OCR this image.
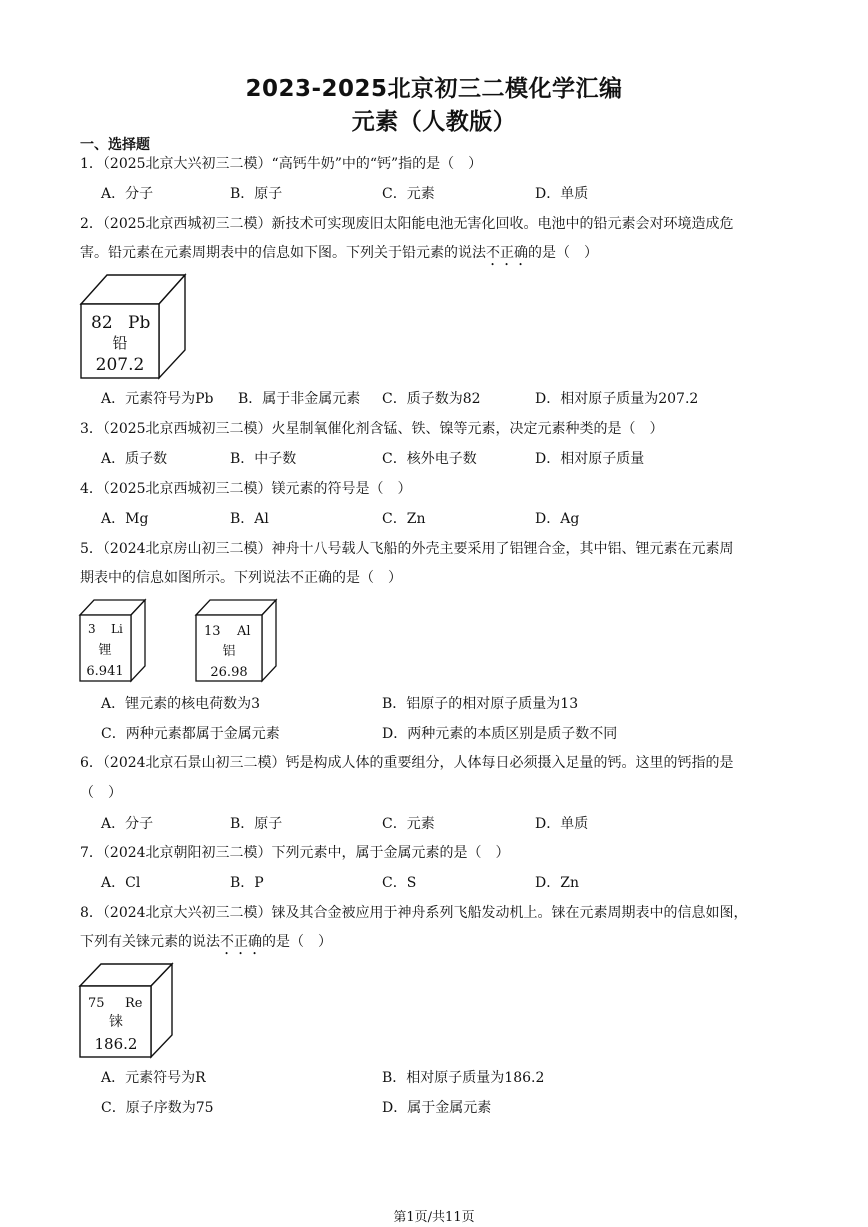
2023-2025北京初三二模化学汇编
元素（人教版）
一、选择题
1．（2025北京大兴初三二模）“高钙牛奶”中的“钙”指的是（　）
A．分子	B．原子	C．元素	D．单质
2．（2025北京西城初三二模）新技术可实现废旧太阳能电池无害化回收。电池中的铅元素会对环境造成危
害。铅元素在元素周期表中的信息如下图。下列关于铅元素的说法不正确的是（　）
82 Pb
铅
207.2
A．元素符号为Pb B．属于非金属元素 C．质子数为82	D．相对原子质量为207.2
3．（2025北京西城初三二模）火星制氧催化剂含锰、铁、镍等元素，决定元素种类的是（　）
A．质子数	B．中子数	C．核外电子数	D．相对原子质量
4．（2025北京西城初三二模）镁元素的符号是（　）
A．Mg	B．Al	C．Zn	D．Ag
5．（2024北京房山初三二模）神舟十八号载人飞船的外壳主要采用了铝锂合金，其中铝、锂元素在元素周
期表中的信息如图所示。下列说法不正确的是（　）
3 Li
锂
6.941
13 Al
铝
26.98
A．锂元素的核电荷数为3	B．铝原子的相对原子质量为13
C．两种元素都属于金属元素	D．两种元素的本质区别是质子数不同
6．（2024北京石景山初三二模）钙是构成人体的重要组分，人体每日必须摄入足量的钙。这里的钙指的是
（　）
A．分子	B．原子	C．元素	D．单质
7．（2024北京朝阳初三二模）下列元素中，属于金属元素的是（　）
A．Cl	B．P	C．S	D．Zn
8．（2024北京大兴初三二模）铼及其合金被应用于神舟系列飞船发动机上。铼在元素周期表中的信息如图，
下列有关铼元素的说法不正确的是（　）
75 Re
铼
186.2
A．元素符号为R	B．相对原子质量为186.2
C．原子序数为75	D．属于金属元素
第1页/共11页
